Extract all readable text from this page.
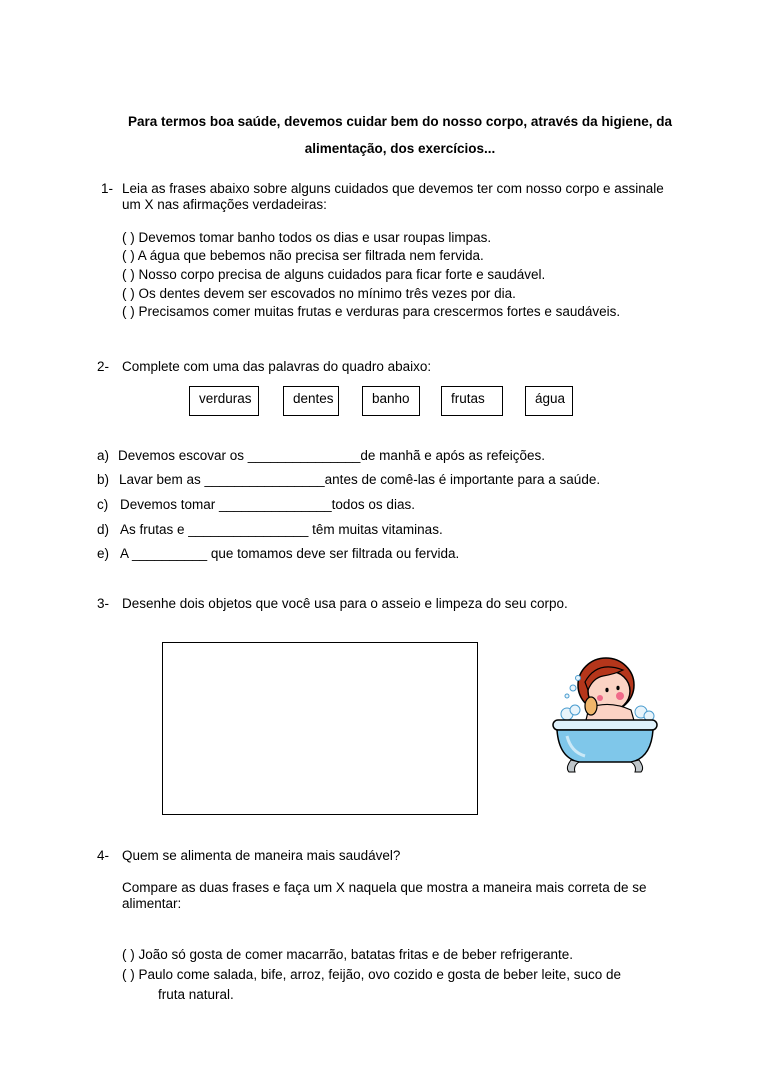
Para termos boa saúde, devemos cuidar bem do nosso corpo, através da higiene, da
alimentação, dos exercícios...
1- Leia as frases abaixo sobre alguns cuidados que devemos ter com nosso corpo e assinale
um X nas afirmações verdadeiras:
( ) Devemos tomar banho todos os dias e usar roupas limpas.
( ) A água que bebemos não precisa ser filtrada nem fervida.
( ) Nosso corpo precisa de alguns cuidados para ficar forte e saudável.
( ) Os dentes devem ser escovados no mínimo três vezes por dia.
( ) Precisamos comer muitas frutas e verduras para crescermos fortes e saudáveis.
2- Complete com uma das palavras do quadro abaixo:
verduras	dentes	banho	frutas	água
a) Devemos escovar os _______________de manhã e após as refeições.
b) Lavar bem as ________________antes de comê-las é importante para a saúde.
c) Devemos tomar _______________todos os dias.
d) As frutas e ________________ têm muitas vitaminas.
e) A __________ que tomamos deve ser filtrada ou fervida.
3- Desenhe dois objetos que você usa para o asseio e limpeza do seu corpo.
4- Quem se alimenta de maneira mais saudável?
Compare as duas frases e faça um X naquela que mostra a maneira mais correta de se
alimentar:
( ) João só gosta de comer macarrão, batatas fritas e de beber refrigerante.
( ) Paulo come salada, bife, arroz, feijão, ovo cozido e gosta de beber leite, suco de
fruta natural.
